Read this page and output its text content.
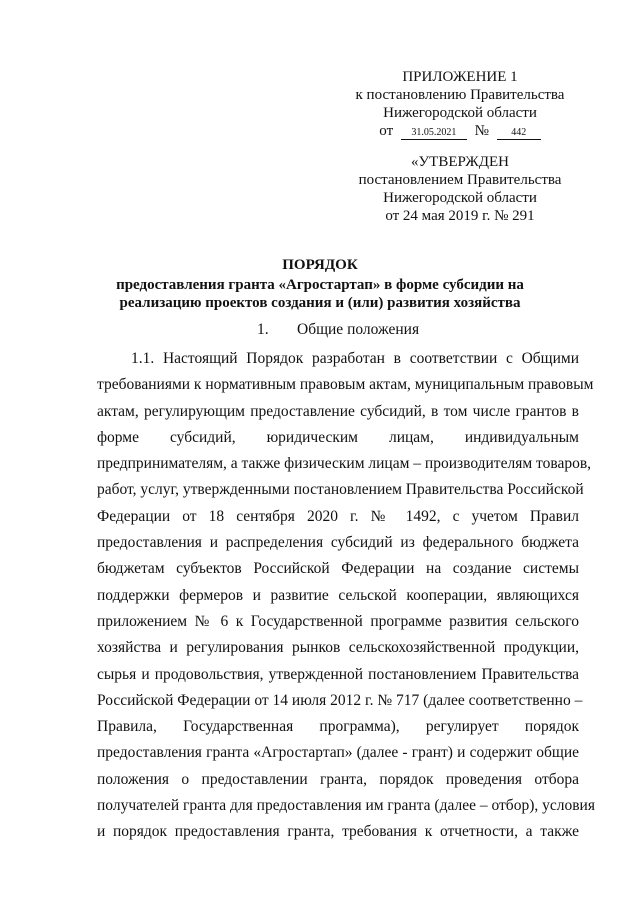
ПРИЛОЖЕНИЕ 1
к постановлению Правительства
Нижегородской области
от 31.05.2021 № 442
«УТВЕРЖДЕН
постановлением Правительства
Нижегородской области
от 24 мая 2019 г. № 291
ПОРЯДОК
предоставления гранта «Агростартап» в форме субсидии на
реализацию проектов создания и (или) развития хозяйства
1. Общие положения
1.1. Настоящий Порядок разработан в соответствии с Общими
требованиями к нормативным правовым актам, муниципальным правовым
актам, регулирующим предоставление субсидий, в том числе грантов в
форме субсидий, юридическим лицам, индивидуальным
предпринимателям, а также физическим лицам – производителям товаров,
работ, услуг, утвержденными постановлением Правительства Российской
Федерации от 18 сентября 2020 г. № 1492, с учетом Правил
предоставления и распределения субсидий из федерального бюджета
бюджетам субъектов Российской Федерации на создание системы
поддержки фермеров и развитие сельской кооперации, являющихся
приложением № 6 к Государственной программе развития сельского
хозяйства и регулирования рынков сельскохозяйственной продукции,
сырья и продовольствия, утвержденной постановлением Правительства
Российской Федерации от 14 июля 2012 г. № 717 (далее соответственно –
Правила, Государственная программа), регулирует порядок
предоставления гранта «Агростартап» (далее - грант) и содержит общие
положения о предоставлении гранта, порядок проведения отбора
получателей гранта для предоставления им гранта (далее – отбор), условия
и порядок предоставления гранта, требования к отчетности, а также
